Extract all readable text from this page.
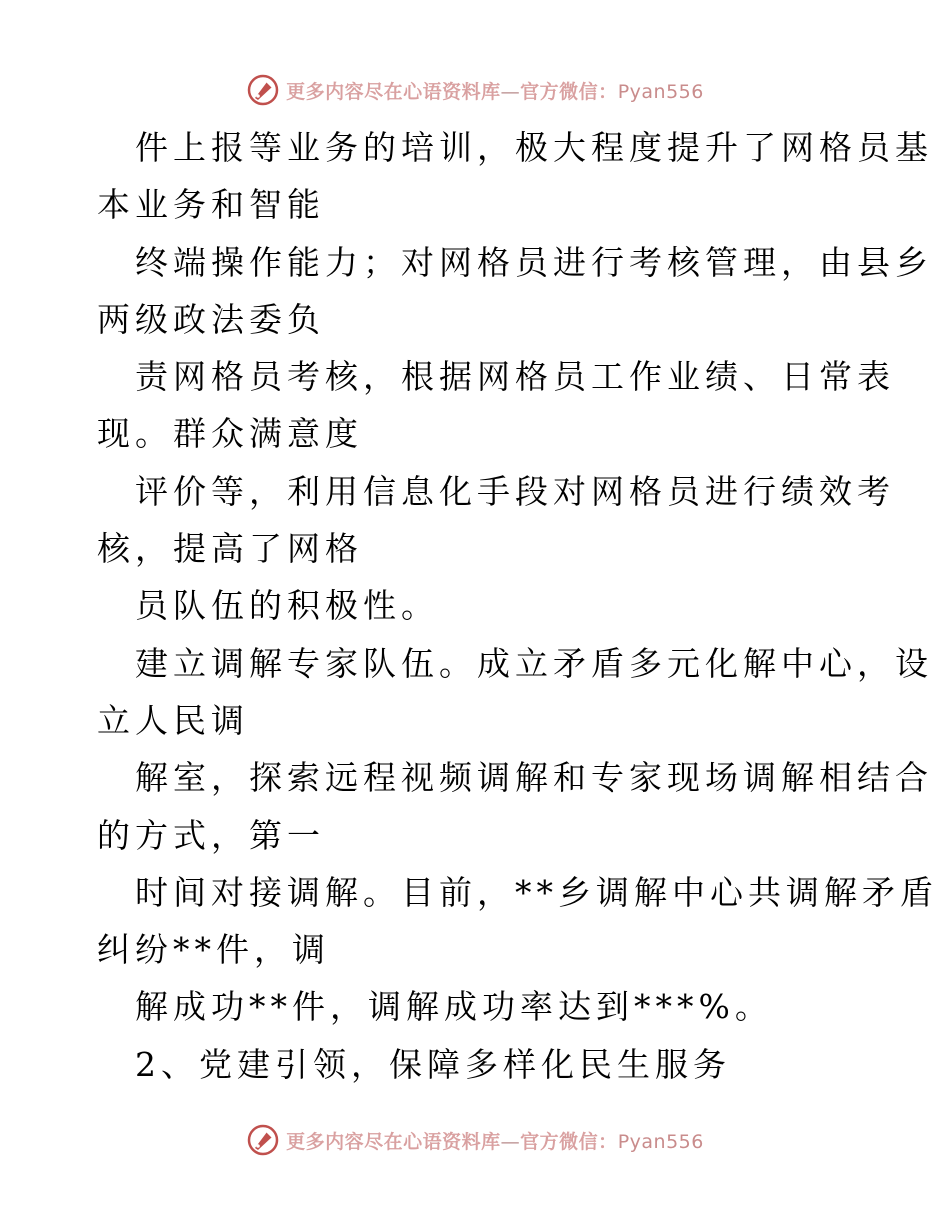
更多内容尽在心语资料库—官方微信：Pyan556
件上报等业务的培训，极大程度提升了网格员基
本业务和智能
终端操作能力；对网格员进行考核管理，由县乡
两级政法委负
责网格员考核，根据网格员工作业绩、日常表
现。群众满意度
评价等，利用信息化手段对网格员进行绩效考
核，提高了网格
员队伍的积极性。
建立调解专家队伍。成立矛盾多元化解中心，设
立人民调
解室，探索远程视频调解和专家现场调解相结合
的方式，第一
时间对接调解。目前，**乡调解中心共调解矛盾
纠纷**件，调
解成功**件，调解成功率达到***%。
2、党建引领，保障多样化民生服务
更多内容尽在心语资料库—官方微信：Pyan556
